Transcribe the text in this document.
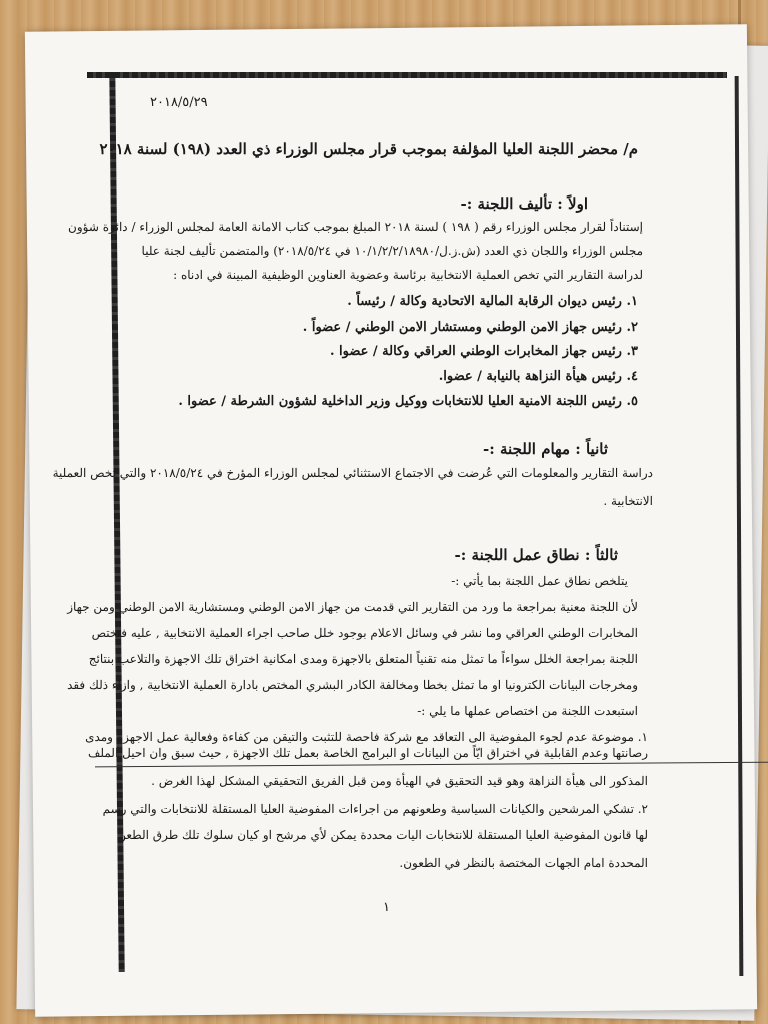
٢٠١٨/٥/٢٩
م/ محضر اللجنة العليا المؤلفة بموجب قرار مجلس الوزراء ذي العدد (١٩٨) لسنة ٢٠١٨
اولاً : تأليف اللجنة :-
إستناداً لقرار مجلس الوزراء رقم ( ١٩٨ ) لسنة ٢٠١٨ المبلغ بموجب كتاب الامانة العامة لمجلس الوزراء / دائرة شؤون
مجلس الوزراء واللجان ذي العدد (ش.ز.ل/١٠/١/٢/٢/١٨٩٨٠ في ٢٠١٨/٥/٢٤) والمتضمن تأليف لجنة عليا
لدراسة التقارير التي تخص العملية الانتخابية برئاسة وعضوية العناوين الوظيفية المبينة في ادناه :
١. رئيس ديوان الرقابة المالية الاتحادية وكالة / رئيساً .
٢. رئيس جهاز الامن الوطني ومستشار الامن الوطني / عضواً .
٣. رئيس جهاز المخابرات الوطني العراقي وكالة / عضوا .
٤. رئيس هيأة النزاهة بالنيابة / عضوا.
٥. رئيس اللجنة الامنية العليا للانتخابات ووكيل وزير الداخلية لشؤون الشرطة / عضوا .
ثانياً : مهام اللجنة :-
دراسة التقارير والمعلومات التي عُرضت في الاجتماع الاستثنائي لمجلس الوزراء المؤرخ في ٢٠١٨/٥/٢٤ والتي تخص العملية
الانتخابية .
ثالثاً : نطاق عمل اللجنة :-
يتلخص نطاق عمل اللجنة بما يأتي :-
لأن اللجنة معنية بمراجعة ما ورد من التقارير التي قدمت من جهاز الامن الوطني ومستشارية الامن الوطني ومن جهاز
المخابرات الوطني العراقي وما نشر في وسائل الاعلام بوجود خلل صاحب اجراء العملية الانتخابية , عليه فتختص
اللجنة بمراجعة الخلل سواءاً ما تمثل منه تقنياً المتعلق بالاجهزة ومدى امكانية اختراق تلك الاجهزة والتلاعب بنتائج
ومخرجات البيانات الكترونيا او ما تمثل بخطا ومخالفة الكادر البشري المختص بادارة العملية الانتخابية , وازاء ذلك فقد
استبعدت اللجنة من اختصاص عملها ما يلي :-
١. موضوعة عدم لجوء المفوضية الى التعاقد مع شركة فاحصة للتثبت والتيقن من كفاءة وفعالية عمل الاجهزة ومدى
رصانتها وعدم القابلية في اختراق ايّاً من البيانات او البرامج الخاصة بعمل تلك الاجهزة , حيث سبق وان احيل الملف
المذكور الى هيأة النزاهة وهو قيد التحقيق في الهيأة ومن قبل الفريق التحقيقي المشكل لهذا الغرض .
٢. تشكي المرشحين والكيانات السياسية وطعونهم من اجراءات المفوضية العليا المستقلة للانتخابات والتي رسم
لها قانون المفوضية العليا المستقلة للانتخابات اليات محددة يمكن لأي مرشح او كيان سلوك تلك طرق الطعن
المحددة امام الجهات المختصة بالنظر في الطعون.
١
